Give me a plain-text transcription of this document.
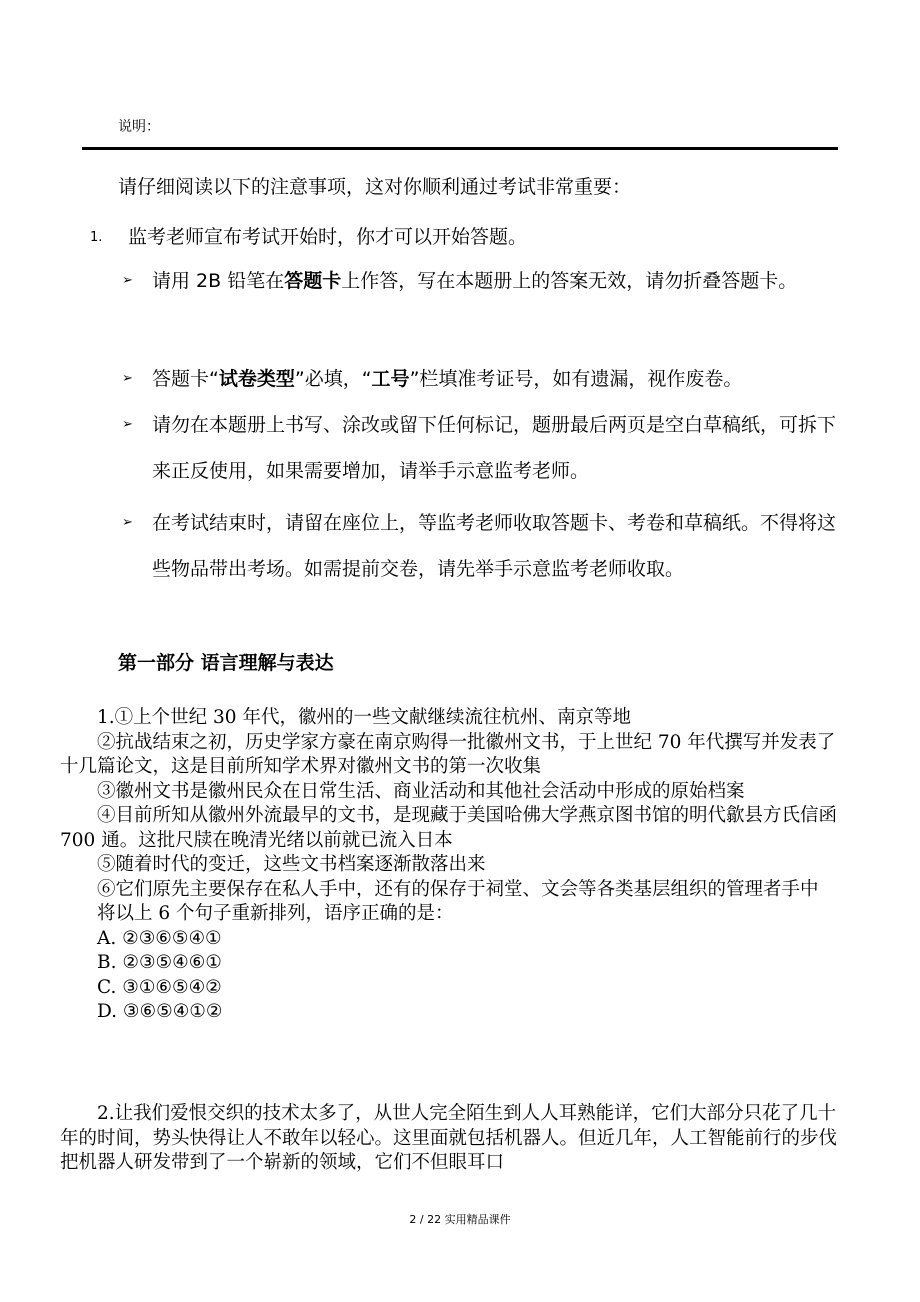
说明：
请仔细阅读以下的注意事项，这对你顺利通过考试非常重要：
1. 监考老师宣布考试开始时，你才可以开始答题。
➢	请用 2B 铅笔在答题卡上作答，写在本题册上的答案无效，请勿折叠答题卡。
➢	答题卡“试卷类型”必填，“工号”栏填准考证号，如有遗漏，视作废卷。
➢	请勿在本题册上书写、涂改或留下任何标记，题册最后两页是空白草稿纸，可拆下来正反使用，如果需要增加，请举手示意监考老师。
➢	在考试结束时，请留在座位上，等监考老师收取答题卡、考卷和草稿纸。不得将这些物品带出考场。如需提前交卷，请先举手示意监考老师收取。
第一部分 语言理解与表达

1.①上个世纪 30 年代，徽州的一些文献继续流往杭州、南京等地

②抗战结束之初，历史学家方豪在南京购得一批徽州文书，于上世纪 70 年代撰写并发表了十几篇论文，这是目前所知学术界对徽州文书的第一次收集

③徽州文书是徽州民众在日常生活、商业活动和其他社会活动中形成的原始档案

④目前所知从徽州外流最早的文书，是现藏于美国哈佛大学燕京图书馆的明代歙县方氏信函 700 通。这批尺牍在晚清光绪以前就已流入日本

⑤随着时代的变迁，这些文书档案逐渐散落出来

⑥它们原先主要保存在私人手中，还有的保存于祠堂、文会等各类基层组织的管理者手中

将以上 6 个句子重新排列，语序正确的是：

A. ②③⑥⑤④①

B. ②③⑤④⑥①

C. ③①⑥⑤④②

D. ③⑥⑤④①②

2.让我们爱恨交织的技术太多了，从世人完全陌生到人人耳熟能详，它们大部分只花了几十年的时间，势头快得让人不敢年以轻心。这里面就包括机器人。但近几年，人工智能前行的步伐把机器人研发带到了一个崭新的领域，它们不但眼耳口

2 / 22 实用精品课件
